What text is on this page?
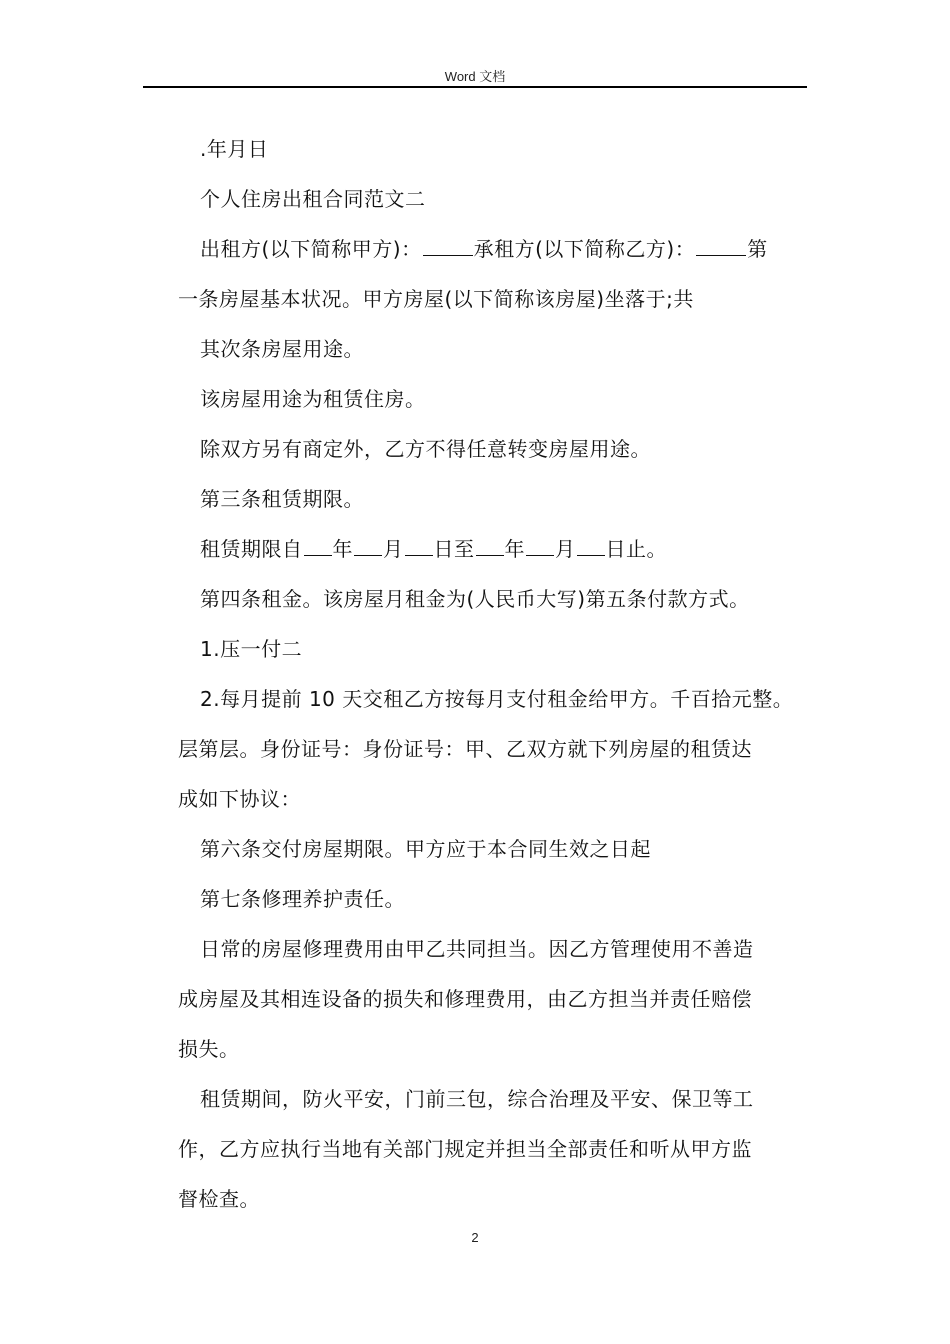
Word 文档
.年月日
个人住房出租合同范文二
出租方(以下简称甲方)：	承租方(以下简称乙方)：	第
一条房屋基本状况。甲方房屋(以下简称该房屋)坐落于;共
其次条房屋用途。
该房屋用途为租赁住房。
除双方另有商定外，乙方不得任意转变房屋用途。
第三条租赁期限。
租赁期限自 年 月 日至 年 月 日止。
第四条租金。该房屋月租金为(人民币大写)第五条付款方式。
1.压一付二
2.每月提前 10 天交租乙方按每月支付租金给甲方。千百拾元整。
层第层。身份证号：身份证号：甲、乙双方就下列房屋的租赁达
成如下协议：
第六条交付房屋期限。甲方应于本合同生效之日起
第七条修理养护责任。
日常的房屋修理费用由甲乙共同担当。因乙方管理使用不善造
成房屋及其相连设备的损失和修理费用，由乙方担当并责任赔偿
损失。
租赁期间，防火平安，门前三包，综合治理及平安、保卫等工
作，乙方应执行当地有关部门规定并担当全部责任和听从甲方监
督检查。
2
